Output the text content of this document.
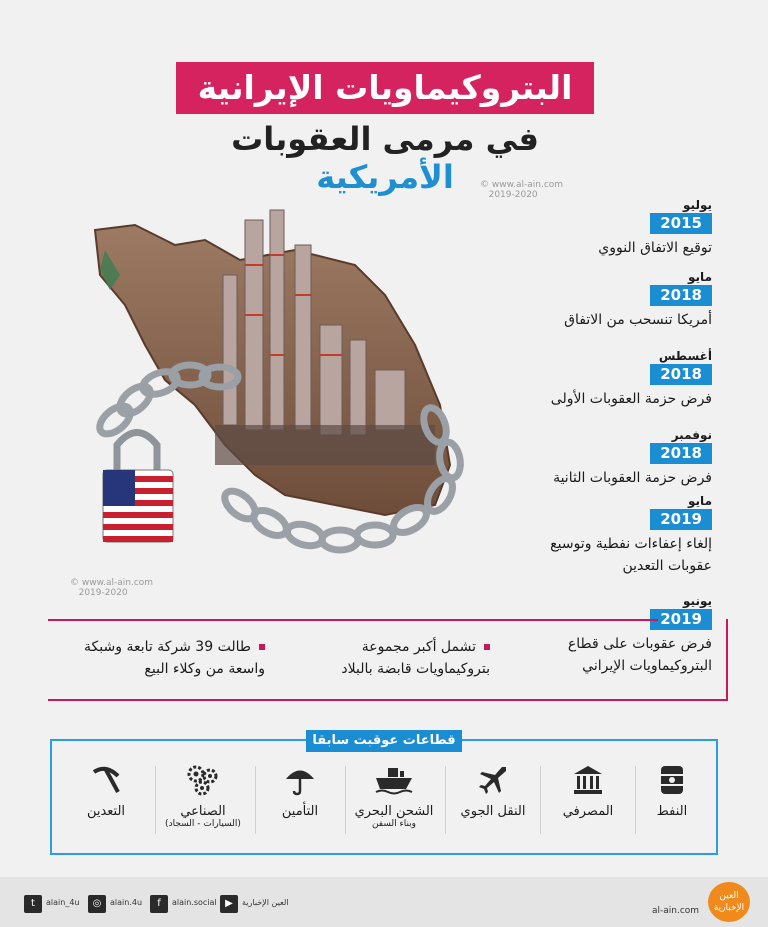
البتروكيماويات الإيرانية
في مرمى العقوبات الأمريكية	© www.al-ain.com
2019-2020
© www.al-ain.com
2019-2020
يوليو
2015
توقيع الاتفاق النووي
مايو
2018
أمريكا تنسحب من الاتفاق
أغسطس
2018
فرض حزمة العقوبات الأولى
نوفمبر
2018
فرض حزمة العقوبات الثانية
مايو
2019
إلغاء إعفاءات نفطية وتوسيع عقوبات التعدين
يونيو
2019
فرض عقوبات على قطاع البتروكيماويات الإيراني
تشمل أكبر مجموعة بتروكيماويات قابضة بالبلاد
طالت 39 شركة تابعة وشبكة واسعة من وكلاء البيع
قطاعات عوقبت سابقا
النفط
المصرفي
النقل الجوي
الشحن البحري
وبناء السفن
التأمين
الصناعي
(السيارات - السجاد)
التعدين
t	alain_4u	◎	alain.4u	f	alain.social ▶	العين الإخبارية
al-ain.com
العين الإخبارية
